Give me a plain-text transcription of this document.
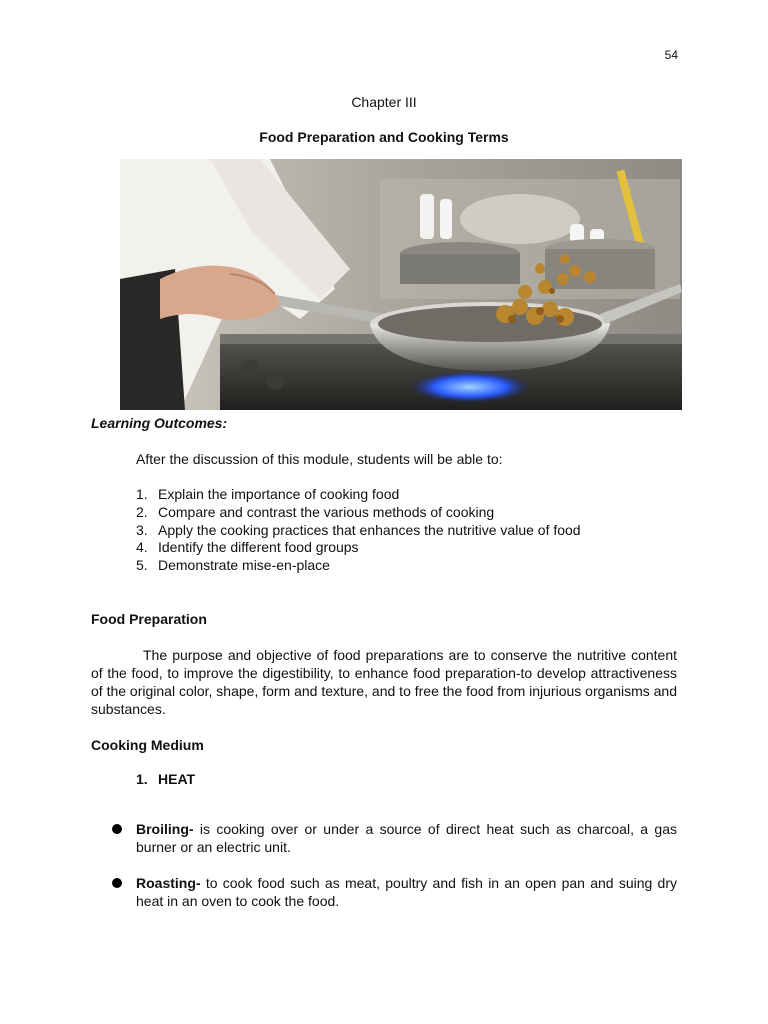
54
Chapter III
Food Preparation and Cooking Terms
Learning Outcomes:
After the discussion of this module, students will be able to:
1. Explain the importance of cooking food
2. Compare and contrast the various methods of cooking
3. Apply the cooking practices that enhances the nutritive value of food
4. Identify the different food groups
5. Demonstrate mise-en-place
Food Preparation
The purpose and objective of food preparations are to conserve the nutritive content of the food, to improve the digestibility, to enhance food preparation-to develop attractiveness of the original color, shape, form and texture, and to free the food from injurious organisms and substances.
Cooking Medium
1. HEAT
Broiling- is cooking over or under a source of direct heat such as charcoal, a gas burner or an electric unit.
Roasting- to cook food such as meat, poultry and fish in an open pan and suing dry heat in an oven to cook the food.
